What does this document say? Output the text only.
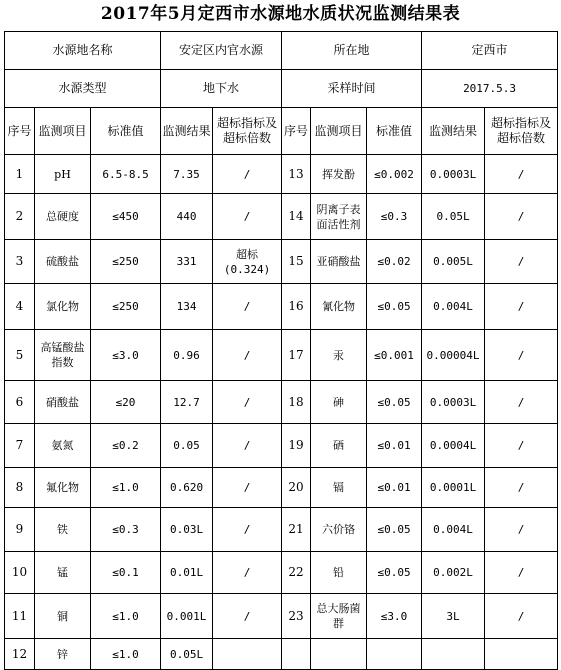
2017年5月定西市水源地水质状况监测结果表
水源地名称			安定区内官水源		所在地			定西市	
水源类型			地下水		采样时间			2017.5.3	
序号	监测项目	标准值	监测结果	超标指标及超标倍数	序号	监测项目	标准值	监测结果	超标指标及超标倍数
1	pH	6.5-8.5	7.35	/	13	挥发酚	≤0.002	0.0003L	/
2	总硬度	≤450	440	/	14	阴离子表面活性剂	≤0.3	0.05L	/
3	硫酸盐	≤250	331	超标(0.324)	15	亚硝酸盐	≤0.02	0.005L	/
4	氯化物	≤250	134	/	16	氰化物	≤0.05	0.004L	/
5	高锰酸盐指数	≤3.0	0.96	/	17	汞	≤0.001	0.00004L	/
6	硝酸盐	≤20	12.7	/	18	砷	≤0.05	0.0003L	/
7	氨氮	≤0.2	0.05	/	19	硒	≤0.01	0.0004L	/
8	氟化物	≤1.0	0.620	/	20	镉	≤0.01	0.0001L	/
9	铁	≤0.3	0.03L	/	21	六价铬	≤0.05	0.004L	/
10	锰	≤0.1	0.01L	/	22	铅	≤0.05	0.002L	/
11	铜	≤1.0	0.001L	/	23	总大肠菌群	≤3.0	3L	/
12	锌	≤1.0	0.05L						
